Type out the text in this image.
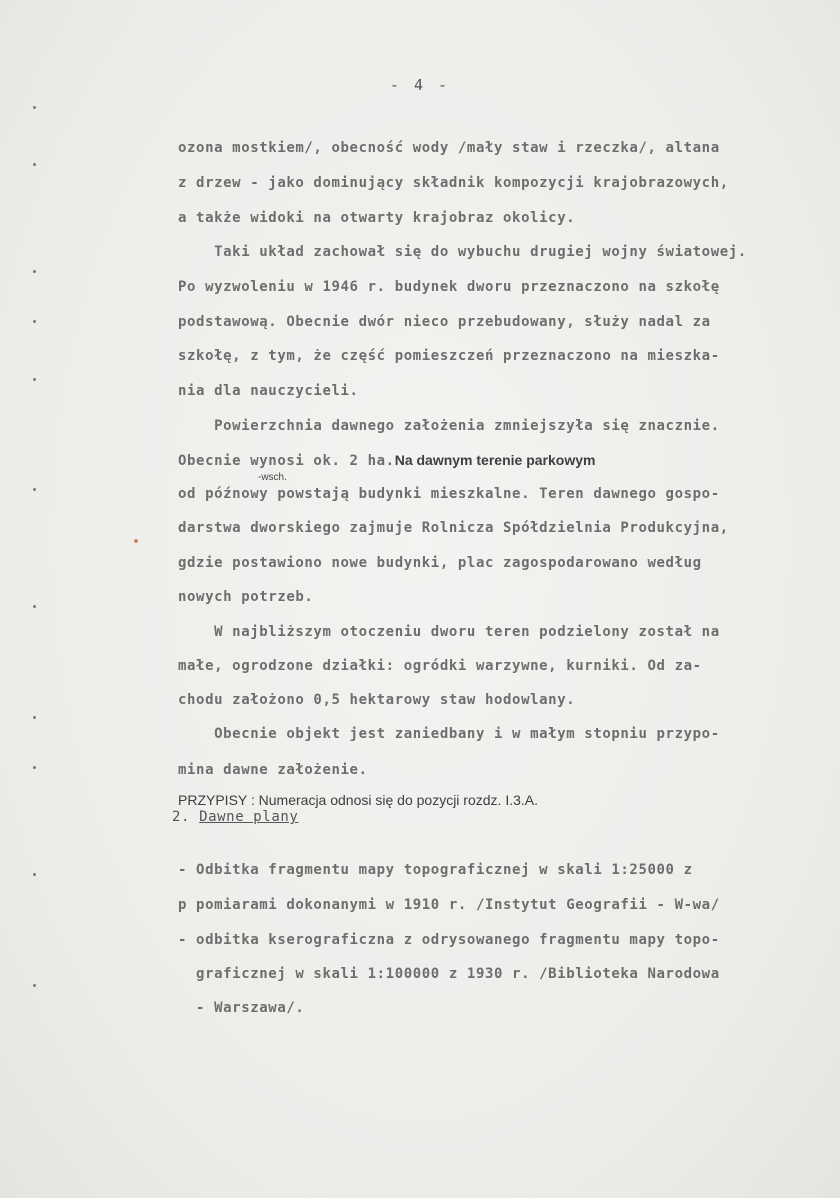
- 4 -
ozona mostkiem/, obecność wody /mały staw i rzeczka/, altana
z drzew - jako dominujący składnik kompozycji krajobrazowych,
a także widoki na otwarty krajobraz okolicy.
Taki układ zachował się do wybuchu drugiej wojny światowej.
Po wyzwoleniu w 1946 r. budynek dworu przeznaczono na szkołę
podstawową. Obecnie dwór nieco przebudowany, służy nadal za
szkołę, z tym, że część pomieszczeń przeznaczono na mieszka-
nia dla nauczycieli.
Powierzchnia dawnego założenia zmniejszyła się znacznie.
Obecnie wynosi ok. 2 ha.Na dawnym terenie parkowym
-wsch.
od późnowy powstają budynki mieszkalne. Teren dawnego gospo-
darstwa dworskiego zajmuje Rolnicza Spółdzielnia Produkcyjna,
gdzie postawiono nowe budynki, plac zagospodarowano według
nowych potrzeb.
W najbliższym otoczeniu dworu teren podzielony został na
małe, ogrodzone działki: ogródki warzywne, kurniki. Od za-
chodu założono 0,5 hektarowy staw hodowlany.
Obecnie objekt jest zaniedbany i w małym stopniu przypo-
mina dawne założenie.
PRZYPISY : Numeracja odnosi się do pozycji rozdz. I.3.A.
2. Dawne plany
- Odbitka fragmentu mapy topograficznej w skali 1:25000 z
p pomiarami dokonanymi w 1910 r. /Instytut Geografii - W-wa/
- odbitka kserograficzna z odrysowanego fragmentu mapy topo-
graficznej w skali 1:100000 z 1930 r. /Biblioteka Narodowa
- Warszawa/.
